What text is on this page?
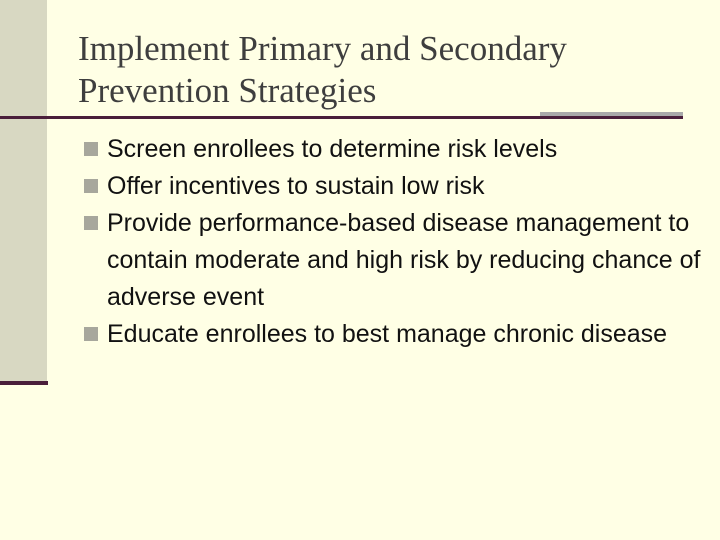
Implement Primary and Secondary
Prevention Strategies
Screen enrollees to determine risk levels
Offer incentives to sustain low risk
Provide performance-based disease management to contain moderate and high risk by reducing chance of adverse event
Educate enrollees to best manage chronic disease
